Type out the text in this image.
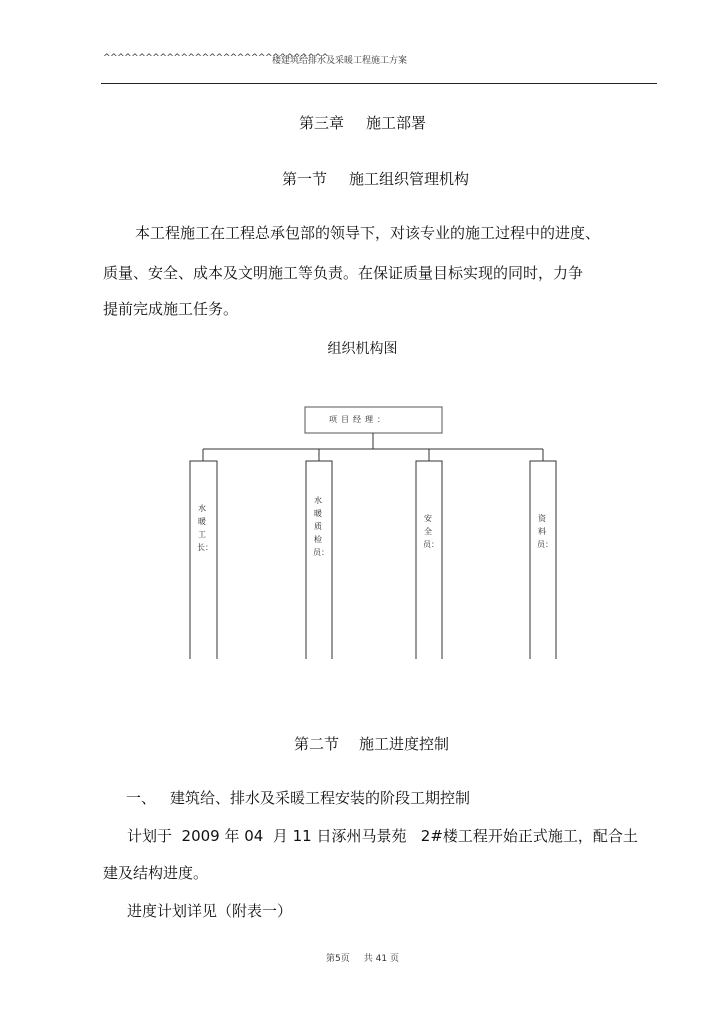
^^^^^^^^^^^^^^^^^^^^^^^^^^^^^^^^
楼建筑给排水及采暖工程施工方案
第三章 施工部署
第一节 施工组织管理机构
本工程施工在工程总承包部的领导下，对该专业的施工过程中的进度、
质量、安全、成本及文明施工等负责。在保证质量目标实现的同时，力争
提前完成施工任务。
组织机构图
项目经理：
水暖工长：
水暖质检员：
安全员：
资料员：
第二节 施工进度控制
一、 建筑给、排水及采暖工程安装的阶段工期控制
计划于  2009 年 04  月 11 日涿州马景苑   2#楼工程开始正式施工，配合土
建及结构进度。
进度计划详见（附表一）
第5页 共 41 页
